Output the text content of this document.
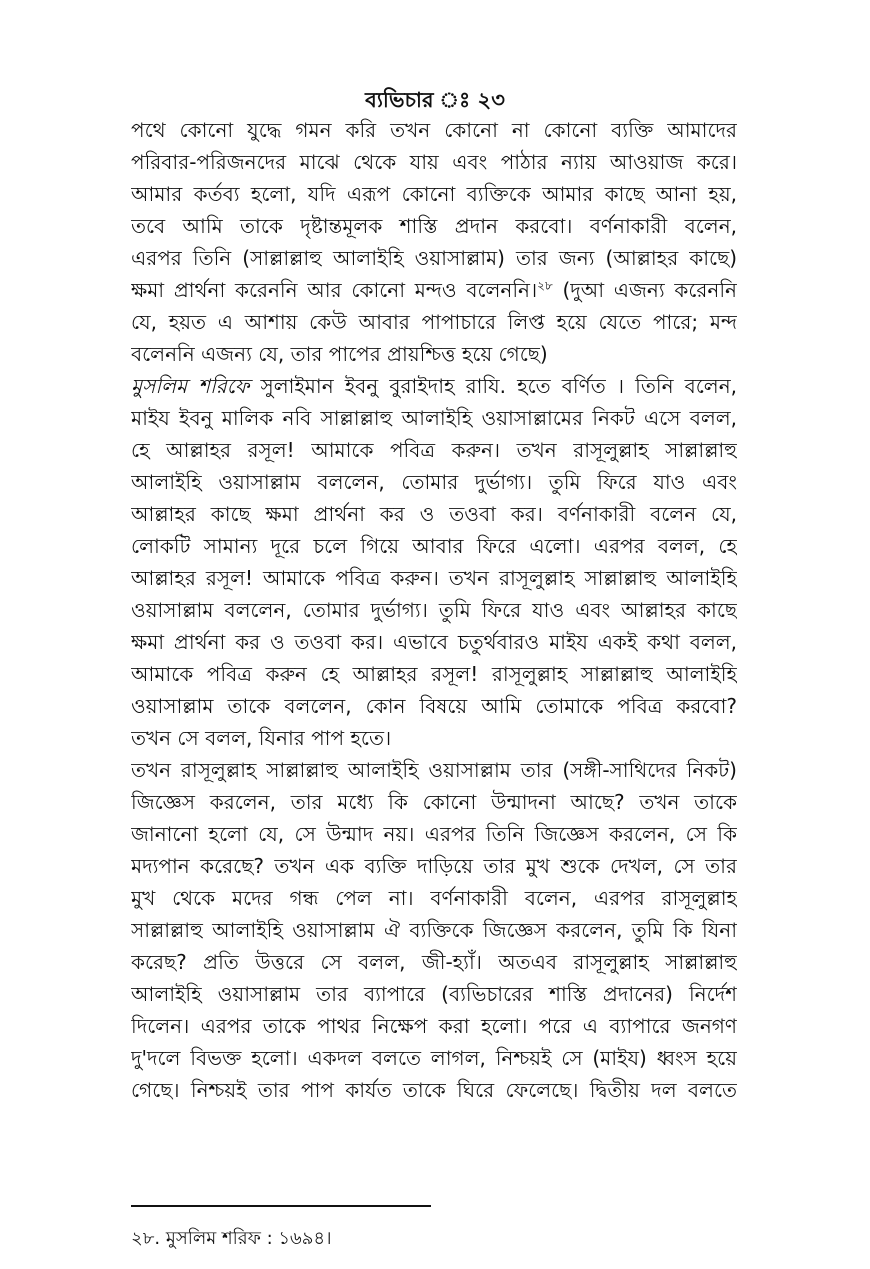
ব্যভিচার ঃ ২৩
পথে কোনো যুদ্ধে গমন করি তখন কোনো না কোনো ব্যক্তি আমাদের
পরিবার-পরিজনদের মাঝে থেকে যায় এবং পাঠার ন্যায় আওয়াজ করে।
আমার কর্তব্য হলো, যদি এরূপ কোনো ব্যক্তিকে আমার কাছে আনা হয়,
তবে আমি তাকে দৃষ্টান্তমূলক শাস্তি প্রদান করবো। বর্ণনাকারী বলেন,
এরপর তিনি (সাল্লাল্লাহু আলাইহি ওয়াসাল্লাম) তার জন্য (আল্লাহর কাছে)
ক্ষমা প্রার্থনা করেননি আর কোনো মন্দও বলেননি।$^{২৮}$ (দুআ এজন্য করেননি
যে, হয়ত এ আশায় কেউ আবার পাপাচারে লিপ্ত হয়ে যেতে পারে; মন্দ
বলেননি এজন্য যে, তার পাপের প্রায়শ্চিত্ত হয়ে গেছে)
মুসলিম শরিফে সুলাইমান ইবনু বুরাইদাহ রাযি. হতে বর্ণিত । তিনি বলেন,
মাইয ইবনু মালিক নবি সাল্লাল্লাহু আলাইহি ওয়াসাল্লামের নিকট এসে বলল,
হে আল্লাহর রসূল! আমাকে পবিত্র করুন। তখন রাসূলুল্লাহ সাল্লাল্লাহু
আলাইহি ওয়াসাল্লাম বললেন, তোমার দুর্ভাগ্য। তুমি ফিরে যাও এবং
আল্লাহর কাছে ক্ষমা প্রার্থনা কর ও তওবা কর। বর্ণনাকারী বলেন যে,
লোকটি সামান্য দূরে চলে গিয়ে আবার ফিরে এলো। এরপর বলল, হে
আল্লাহর রসূল! আমাকে পবিত্র করুন। তখন রাসূলুল্লাহ সাল্লাল্লাহু আলাইহি
ওয়াসাল্লাম বললেন, তোমার দুর্ভাগ্য। তুমি ফিরে যাও এবং আল্লাহর কাছে
ক্ষমা প্রার্থনা কর ও তওবা কর। এভাবে চতুর্থবারও মাইয একই কথা বলল,
আমাকে পবিত্র করুন হে আল্লাহর রসূল! রাসূলুল্লাহ সাল্লাল্লাহু আলাইহি
ওয়াসাল্লাম তাকে বললেন, কোন বিষয়ে আমি তোমাকে পবিত্র করবো?
তখন সে বলল, যিনার পাপ হতে।
তখন রাসূলুল্লাহ সাল্লাল্লাহু আলাইহি ওয়াসাল্লাম তার (সঙ্গী-সাথিদের নিকট)
জিজ্ঞেস করলেন, তার মধ্যে কি কোনো উন্মাদনা আছে? তখন তাকে
জানানো হলো যে, সে উন্মাদ নয়। এরপর তিনি জিজ্ঞেস করলেন, সে কি
মদ্যপান করেছে? তখন এক ব্যক্তি দাড়িয়ে তার মুখ শুকে দেখল, সে তার
মুখ থেকে মদের গন্ধ পেল না। বর্ণনাকারী বলেন, এরপর রাসূলুল্লাহ
সাল্লাল্লাহু আলাইহি ওয়াসাল্লাম ঐ ব্যক্তিকে জিজ্ঞেস করলেন, তুমি কি যিনা
করেছ? প্রতি উত্তরে সে বলল, জী-হ্যাঁ। অতএব রাসূলুল্লাহ সাল্লাল্লাহু
আলাইহি ওয়াসাল্লাম তার ব্যাপারে (ব্যভিচারের শাস্তি প্রদানের) নির্দেশ
দিলেন। এরপর তাকে পাথর নিক্ষেপ করা হলো। পরে এ ব্যাপারে জনগণ
দু'দলে বিভক্ত হলো। একদল বলতে লাগল, নিশ্চয়ই সে (মাইয) ধ্বংস হয়ে
গেছে। নিশ্চয়ই তার পাপ কার্যত তাকে ঘিরে ফেলেছে। দ্বিতীয় দল বলতে
২৮. মুসলিম শরিফ : ১৬৯৪।
